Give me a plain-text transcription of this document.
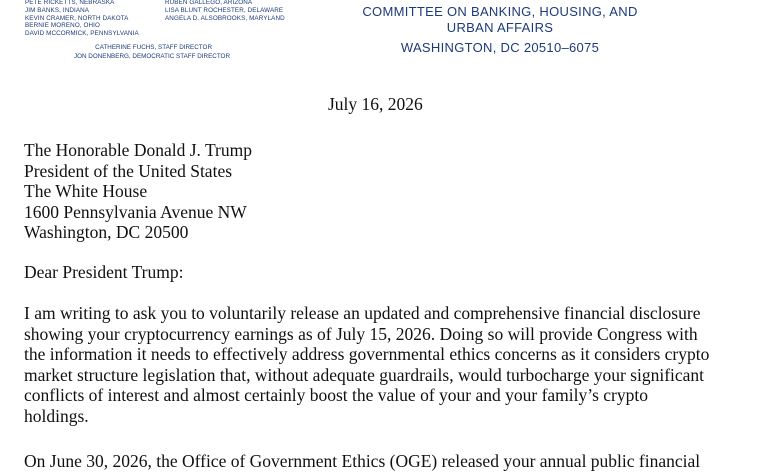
PETE RICKETTS, NEBRASKA
JIM BANKS, INDIANA
KEVIN CRAMER, NORTH DAKOTA
BERNIE MORENO, OHIO
DAVID MCCORMICK, PENNSYLVANIA
RUBEN GALLEGO, ARIZONA
LISA BLUNT ROCHESTER, DELAWARE
ANGELA D. ALSOBROOKS, MARYLAND
CATHERINE FUCHS, STAFF DIRECTOR
JON DONENBERG, DEMOCRATIC STAFF DIRECTOR
COMMITTEE ON BANKING, HOUSING, AND
URBAN AFFAIRS
WASHINGTON, DC 20510–6075
July 16, 2026
The Honorable Donald J. Trump
President of the United States
The White House
1600 Pennsylvania Avenue NW
Washington, DC 20500
Dear President Trump:

I am writing to ask you to voluntarily release an updated and comprehensive financial disclosure

showing your cryptocurrency earnings as of July 15, 2026. Doing so will provide Congress with

the information it needs to effectively address governmental ethics concerns as it considers crypto

market structure legislation that, without adequate guardrails, would turbocharge your significant

conflicts of interest and almost certainly boost the value of your and your family’s crypto

holdings.

On June 30, 2026, the Office of Government Ethics (OGE) released your annual public financial
